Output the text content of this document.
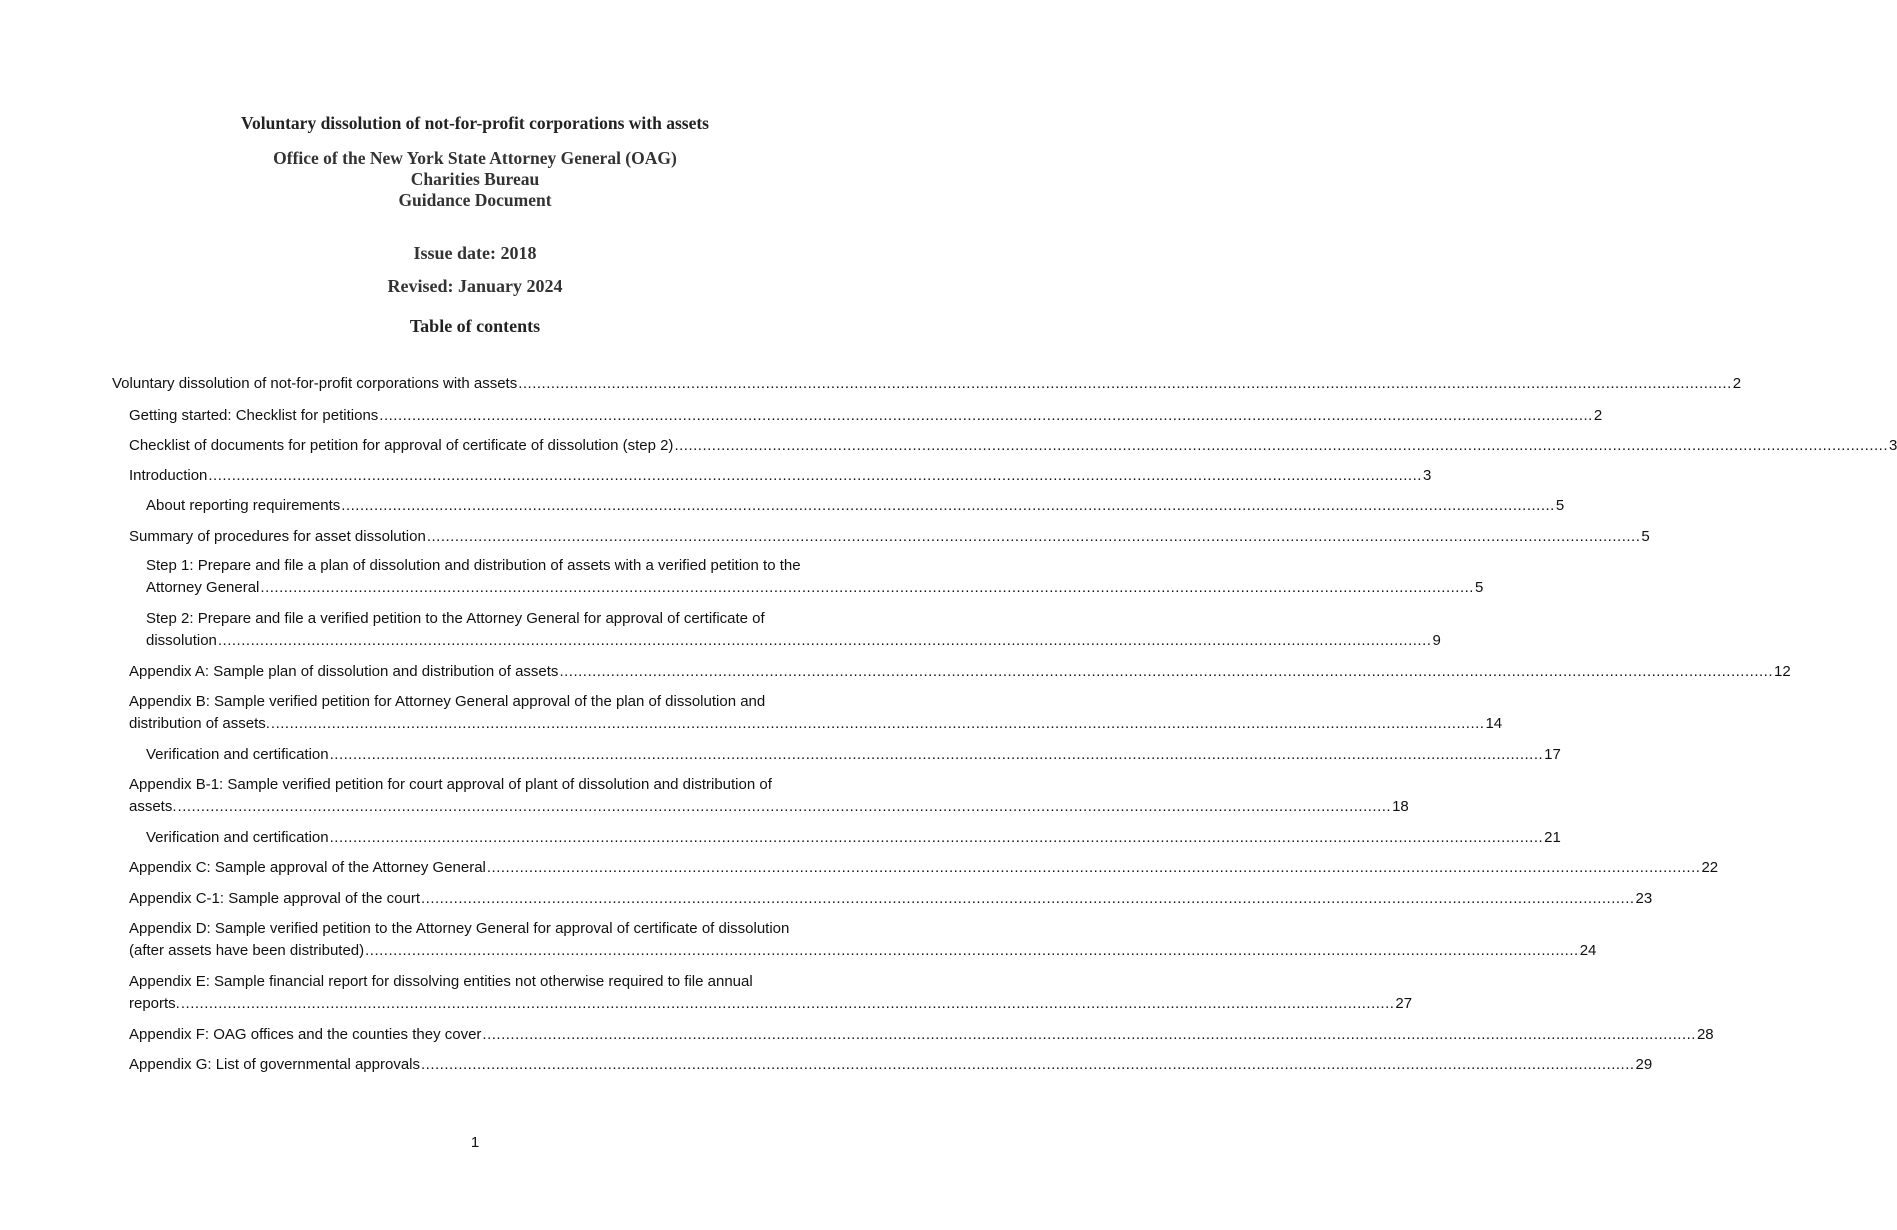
Voluntary dissolution of not-for-profit corporations with assets
Office of the New York State Attorney General (OAG)
Charities Bureau
Guidance Document
Issue date: 2018
Revised: January 2024
Table of contents
Voluntary dissolution of not-for-profit corporations with assets .................................................................................................................................................................................................................................................................... 2
Getting started: Checklist for petitions .................................................................................................................................................................................................................................................................... 2
Checklist of documents for petition for approval of certificate of dissolution (step 2) .................................................................................................................................................................................................................................................................... 3
Introduction .................................................................................................................................................................................................................................................................... 3
About reporting requirements .................................................................................................................................................................................................................................................................... 5
Summary of procedures for asset dissolution .................................................................................................................................................................................................................................................................... 5
Step 1: Prepare and file a plan of dissolution and distribution of assets with a verified petition to the
Attorney General .................................................................................................................................................................................................................................................................... 5
Step 2: Prepare and file a verified petition to the Attorney General for approval of certificate of
dissolution .................................................................................................................................................................................................................................................................... 9
Appendix A: Sample plan of dissolution and distribution of assets .................................................................................................................................................................................................................................................................... 12
Appendix B: Sample verified petition for Attorney General approval of the plan of dissolution and
distribution of assets. .................................................................................................................................................................................................................................................................... 14
Verification and certification .................................................................................................................................................................................................................................................................... 17
Appendix B-1: Sample verified petition for court approval of plant of dissolution and distribution of
assets. .................................................................................................................................................................................................................................................................... 18
Verification and certification .................................................................................................................................................................................................................................................................... 21
Appendix C: Sample approval of the Attorney General .................................................................................................................................................................................................................................................................... 22
Appendix C-1: Sample approval of the court .................................................................................................................................................................................................................................................................... 23
Appendix D: Sample verified petition to the Attorney General for approval of certificate of dissolution
(after assets have been distributed) .................................................................................................................................................................................................................................................................... 24
Appendix E: Sample financial report for dissolving entities not otherwise required to file annual
reports. .................................................................................................................................................................................................................................................................... 27
Appendix F: OAG offices and the counties they cover .................................................................................................................................................................................................................................................................... 28
Appendix G: List of governmental approvals .................................................................................................................................................................................................................................................................... 29
1
